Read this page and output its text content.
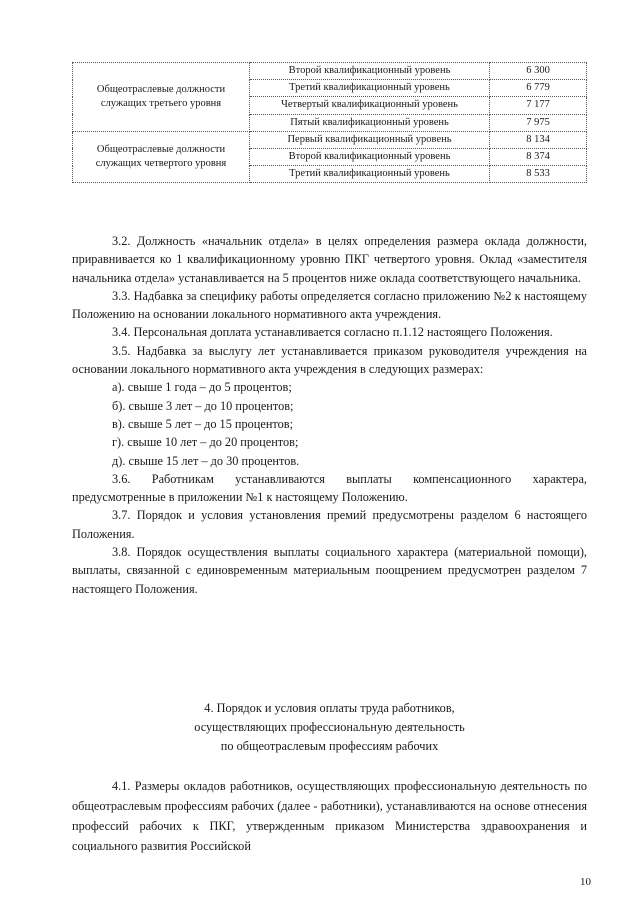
Общеотраслевые должности служащих третьего уровня	Второй квалификационный уровень	6 300
	Третий квалификационный уровень	6 779
	Четвертый квалификационный уровень	7 177
	Пятый квалификационный уровень	7 975
Общеотраслевые должности служащих четвертого уровня	Первый квалификационный уровень	8 134
	Второй квалификационный уровень	8 374
	Третий квалификационный уровень	8 533

3.2. Должность «начальник отдела» в целях определения размера оклада должности, приравнивается ко 1 квалификационному уровню ПКГ четвертого уровня. Оклад «заместителя начальника отдела» устанавливается на 5 процентов ниже оклада соответствующего начальника.

3.3. Надбавка за специфику работы определяется согласно приложению №2 к настоящему Положению на основании локального нормативного акта учреждения.

3.4. Персональная доплата устанавливается согласно п.1.12 настоящего Положения.

3.5. Надбавка за выслугу лет устанавливается приказом руководителя учреждения на основании локального нормативного акта учреждения в следующих размерах:

а). свыше 1 года – до 5 процентов;

б). свыше 3 лет – до 10 процентов;

в). свыше 5 лет – до 15 процентов;

г). свыше 10 лет – до 20 процентов;

д). свыше 15 лет – до 30 процентов.

3.6. Работникам устанавливаются выплаты компенсационного характера, предусмотренные в приложении №1 к настоящему Положению.

3.7. Порядок и условия установления премий предусмотрены разделом 6 настоящего Положения.

3.8. Порядок осуществления выплаты социального характера (материальной помощи), выплаты, связанной с единовременным материальным поощрением предусмотрен разделом 7 настоящего Положения.

4. Порядок и условия оплаты труда работников,
осуществляющих профессиональную деятельность
по общеотраслевым профессиям рабочих

4.1. Размеры окладов работников, осуществляющих профессиональную деятельность по общеотраслевым профессиям рабочих (далее - работники), устанавливаются на основе отнесения профессий рабочих к ПКГ, утвержденным приказом Министерства здравоохранения и социального развития Российской

10
